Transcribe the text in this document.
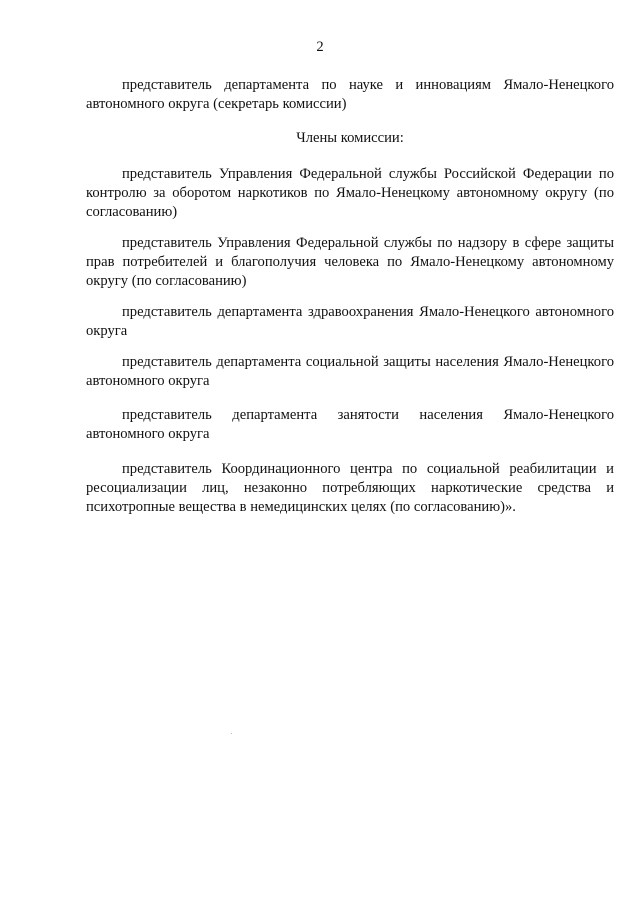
2

представитель департамента по науке и инновациям Ямало-Ненецкого автономного округа (секретарь комиссии)

Члены комиссии:

представитель Управления Федеральной службы Российской Федерации по контролю за оборотом наркотиков по Ямало-Ненецкому автономному округу (по согласованию)

представитель Управления Федеральной службы по надзору в сфере защиты прав потребителей и благополучия человека по Ямало-Ненецкому автономному округу (по согласованию)

представитель департамента здравоохранения Ямало-Ненецкого автономного округа

представитель департамента социальной защиты населения Ямало-Ненецкого автономного округа

представитель департамента занятости населения Ямало-Ненецкого автономного округа

представитель Координационного центра по социальной реабилитации и ресоциализации лиц, незаконно потребляющих наркотические средства и психотропные вещества в немедицинских целях (по согласованию)».
